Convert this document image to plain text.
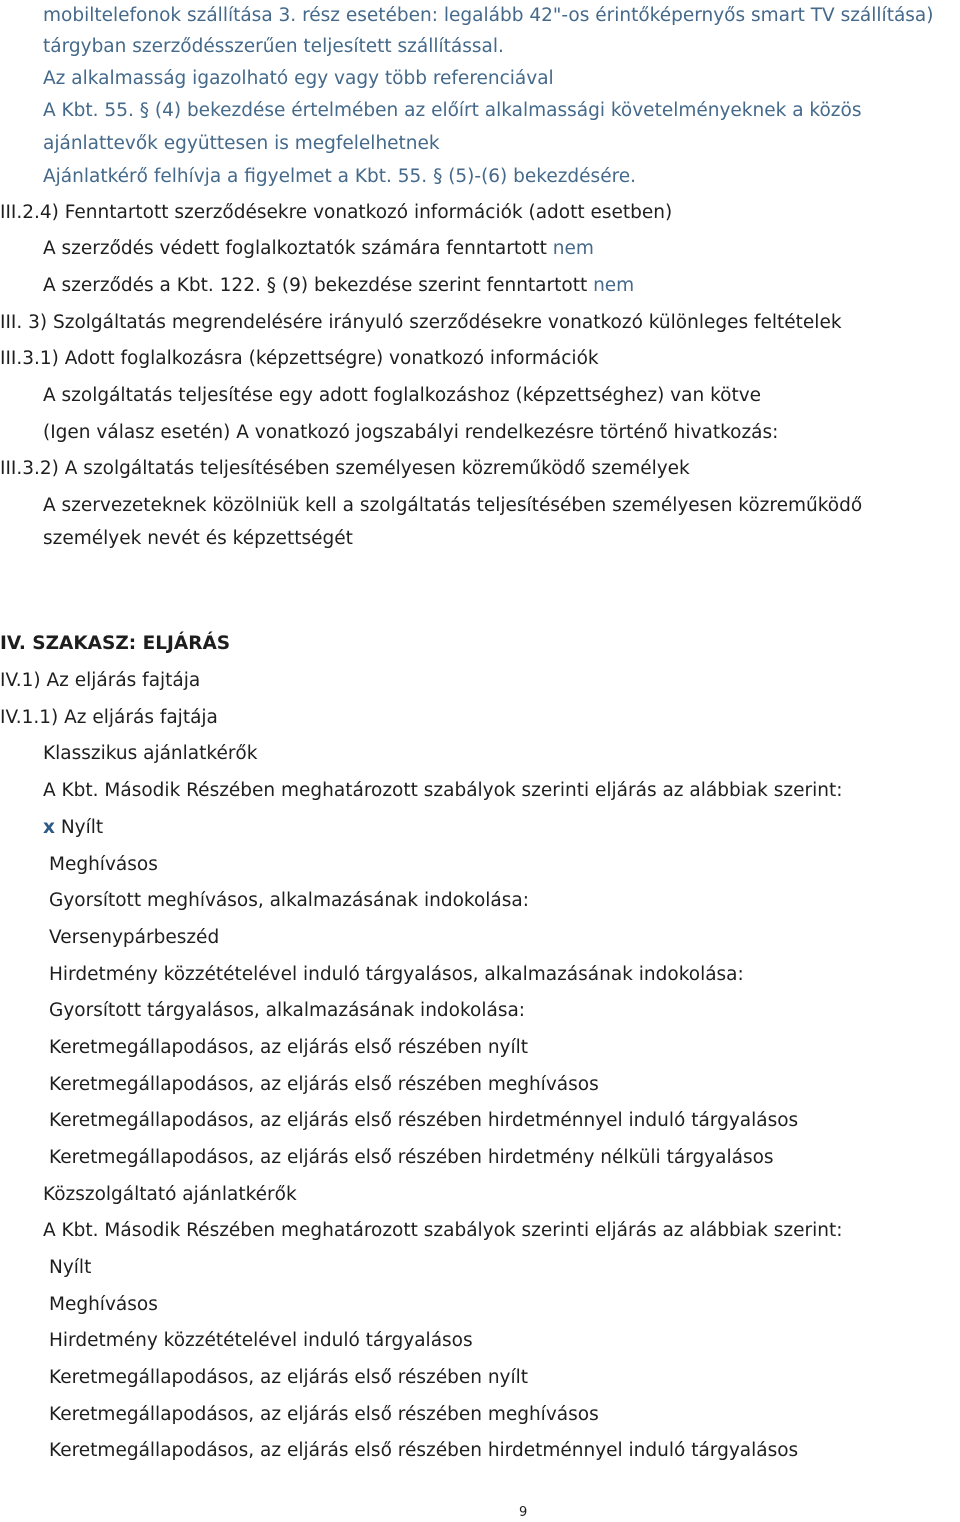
mobiltelefonok szállítása 3. rész esetében: legalább 42"-os érintőképernyős smart TV szállítása)
tárgyban szerződésszerűen teljesített szállítással.
Az alkalmasság igazolható egy vagy több referenciával
A Kbt. 55. § (4) bekezdése értelmében az előírt alkalmassági követelményeknek a közös
ajánlattevők együttesen is megfelelhetnek
Ajánlatkérő felhívja a figyelmet a Kbt. 55. § (5)-(6) bekezdésére.
III.2.4) Fenntartott szerződésekre vonatkozó információk (adott esetben)
A szerződés védett foglalkoztatók számára fenntartott nem
A szerződés a Kbt. 122. § (9) bekezdése szerint fenntartott nem
III. 3) Szolgáltatás megrendelésére irányuló szerződésekre vonatkozó különleges feltételek
III.3.1) Adott foglalkozásra (képzettségre) vonatkozó információk
A szolgáltatás teljesítése egy adott foglalkozáshoz (képzettséghez) van kötve
(Igen válasz esetén) A vonatkozó jogszabályi rendelkezésre történő hivatkozás:
III.3.2) A szolgáltatás teljesítésében személyesen közreműködő személyek
A szervezeteknek közölniük kell a szolgáltatás teljesítésében személyesen közreműködő
személyek nevét és képzettségét
IV. SZAKASZ: ELJÁRÁS
IV.1) Az eljárás fajtája
IV.1.1) Az eljárás fajtája
Klasszikus ajánlatkérők
A Kbt. Második Részében meghatározott szabályok szerinti eljárás az alábbiak szerint:
x Nyílt
Meghívásos
Gyorsított meghívásos, alkalmazásának indokolása:
Versenypárbeszéd
Hirdetmény közzétételével induló tárgyalásos, alkalmazásának indokolása:
Gyorsított tárgyalásos, alkalmazásának indokolása:
Keretmegállapodásos, az eljárás első részében nyílt
Keretmegállapodásos, az eljárás első részében meghívásos
Keretmegállapodásos, az eljárás első részében hirdetménnyel induló tárgyalásos
Keretmegállapodásos, az eljárás első részében hirdetmény nélküli tárgyalásos
Közszolgáltató ajánlatkérők
A Kbt. Második Részében meghatározott szabályok szerinti eljárás az alábbiak szerint:
Nyílt
Meghívásos
Hirdetmény közzétételével induló tárgyalásos
Keretmegállapodásos, az eljárás első részében nyílt
Keretmegállapodásos, az eljárás első részében meghívásos
Keretmegállapodásos, az eljárás első részében hirdetménnyel induló tárgyalásos
9
